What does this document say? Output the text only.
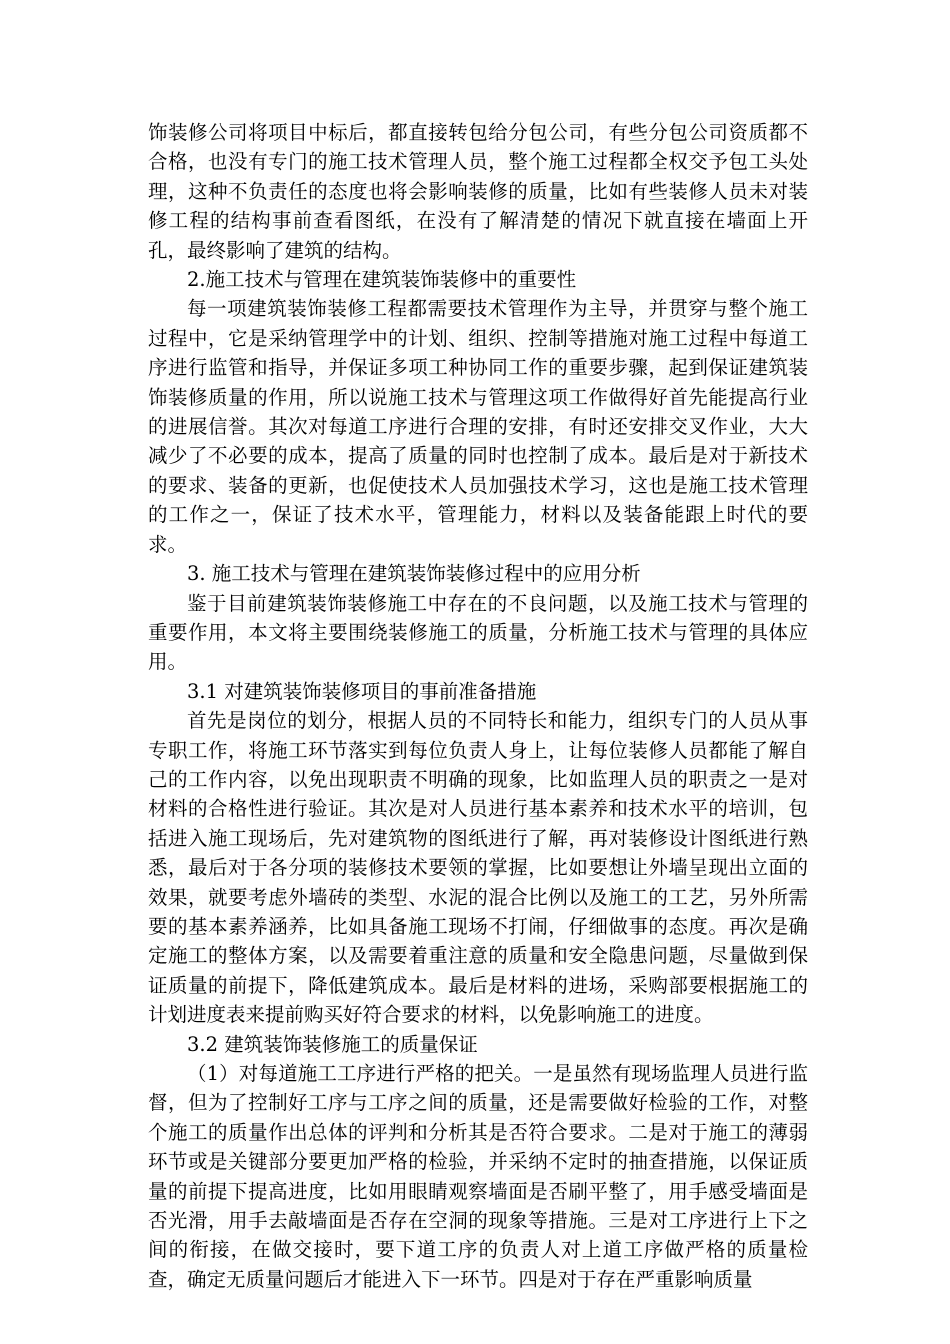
饰装修公司将项目中标后，都直接转包给分包公司，有些分包公司资质都不合格，也没有专门的施工技术管理人员，整个施工过程都全权交予包工头处理，这种不负责任的态度也将会影响装修的质量，比如有些装修人员未对装修工程的结构事前查看图纸，在没有了解清楚的情况下就直接在墙面上开孔，最终影响了建筑的结构。

2.施工技术与管理在建筑装饰装修中的重要性

每一项建筑装饰装修工程都需要技术管理作为主导，并贯穿与整个施工过程中，它是采纳管理学中的计划、组织、控制等措施对施工过程中每道工序进行监管和指导，并保证多项工种协同工作的重要步骤，起到保证建筑装饰装修质量的作用，所以说施工技术与管理这项工作做得好首先能提高行业的进展信誉。其次对每道工序进行合理的安排，有时还安排交叉作业，大大减少了不必要的成本，提高了质量的同时也控制了成本。最后是对于新技术的要求、装备的更新，也促使技术人员加强技术学习，这也是施工技术管理的工作之一，保证了技术水平，管理能力，材料以及装备能跟上时代的要求。

3. 施工技术与管理在建筑装饰装修过程中的应用分析

鉴于目前建筑装饰装修施工中存在的不良问题，以及施工技术与管理的重要作用，本文将主要围绕装修施工的质量，分析施工技术与管理的具体应用。

3.1 对建筑装饰装修项目的事前准备措施

首先是岗位的划分，根据人员的不同特长和能力，组织专门的人员从事专职工作，将施工环节落实到每位负责人身上，让每位装修人员都能了解自己的工作内容，以免出现职责不明确的现象，比如监理人员的职责之一是对材料的合格性进行验证。其次是对人员进行基本素养和技术水平的培训，包括进入施工现场后，先对建筑物的图纸进行了解，再对装修设计图纸进行熟悉，最后对于各分项的装修技术要领的掌握，比如要想让外墙呈现出立面的效果，就要考虑外墙砖的类型、水泥的混合比例以及施工的工艺，另外所需要的基本素养涵养，比如具备施工现场不打闹，仔细做事的态度。再次是确定施工的整体方案，以及需要着重注意的质量和安全隐患问题，尽量做到保证质量的前提下，降低建筑成本。最后是材料的进场，采购部要根据施工的计划进度表来提前购买好符合要求的材料，以免影响施工的进度。

3.2 建筑装饰装修施工的质量保证

（1）对每道施工工序进行严格的把关。一是虽然有现场监理人员进行监督，但为了控制好工序与工序之间的质量，还是需要做好检验的工作，对整个施工的质量作出总体的评判和分析其是否符合要求。二是对于施工的薄弱环节或是关键部分要更加严格的检验，并采纳不定时的抽查措施，以保证质量的前提下提高进度，比如用眼睛观察墙面是否刷平整了，用手感受墙面是否光滑，用手去敲墙面是否存在空洞的现象等措施。三是对工序进行上下之间的衔接，在做交接时，要下道工序的负责人对上道工序做严格的质量检查，确定无质量问题后才能进入下一环节。四是对于存在严重影响质量
